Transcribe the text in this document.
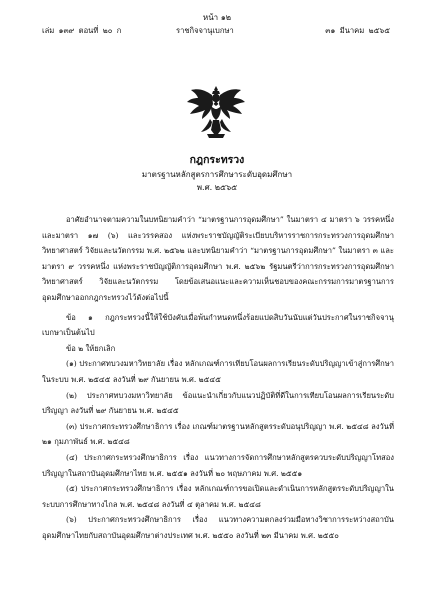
หน้า ๑๒
เล่ม ๑๓๙ ตอนที่ ๒๐ ก	ราชกิจจานุเบกษา	๓๑ มีนาคม ๒๕๖๕
กฎกระทรวง
มาตรฐานหลักสูตรการศึกษาระดับอุดมศึกษา
พ.ศ. ๒๕๖๕

อาศัยอำนาจตามความในบทนิยามคำว่า “มาตรฐานการอุดมศึกษา” ในมาตรา ๔ มาตรา ๖ วรรคหนึ่ง และมาตรา ๑๗ (๖) และวรรคสอง แห่งพระราชบัญญัติระเบียบบริหารราชการกระทรวงการอุดมศึกษา วิทยาศาสตร์ วิจัยและนวัตกรรม พ.ศ. ๒๕๖๒ และบทนิยามคำว่า “มาตรฐานการอุดมศึกษา” ในมาตรา ๓ และมาตรา ๙ วรรคหนึ่ง แห่งพระราชบัญญัติการอุดมศึกษา พ.ศ. ๒๕๖๒ รัฐมนตรีว่าการกระทรวงการอุดมศึกษา วิทยาศาสตร์ วิจัยและนวัตกรรม โดยข้อเสนอแนะและความเห็นชอบของคณะกรรมการมาตรฐานการอุดมศึกษาออกกฎกระทรวงไว้ดังต่อไปนี้

ข้อ ๑ กฎกระทรวงนี้ให้ใช้บังคับเมื่อพ้นกำหนดหนึ่งร้อยแปดสิบวันนับแต่วันประกาศในราชกิจจานุเบกษาเป็นต้นไป

ข้อ ๒ ให้ยกเลิก

(๑) ประกาศทบวงมหาวิทยาลัย เรื่อง หลักเกณฑ์การเทียบโอนผลการเรียนระดับปริญญาเข้าสู่การศึกษาในระบบ พ.ศ. ๒๕๔๕ ลงวันที่ ๒๙ กันยายน พ.ศ. ๒๕๔๕

(๒) ประกาศทบวงมหาวิทยาลัย ข้อแนะนำเกี่ยวกับแนวปฏิบัติที่ดีในการเทียบโอนผลการเรียนระดับปริญญา ลงวันที่ ๒๙ กันยายน พ.ศ. ๒๕๔๕

(๓) ประกาศกระทรวงศึกษาธิการ เรื่อง เกณฑ์มาตรฐานหลักสูตรระดับอนุปริญญา พ.ศ. ๒๕๔๘ ลงวันที่ ๒๑ กุมภาพันธ์ พ.ศ. ๒๕๔๘

(๔) ประกาศกระทรวงศึกษาธิการ เรื่อง แนวทางการจัดการศึกษาหลักสูตรควบระดับปริญญาโทสองปริญญาในสถาบันอุดมศึกษาไทย พ.ศ. ๒๕๕๑ ลงวันที่ ๒๐ พฤษภาคม พ.ศ. ๒๕๕๑

(๕) ประกาศกระทรวงศึกษาธิการ เรื่อง หลักเกณฑ์การขอเปิดและดำเนินการหลักสูตรระดับปริญญาในระบบการศึกษาทางไกล พ.ศ. ๒๕๔๘ ลงวันที่ ๔ ตุลาคม พ.ศ. ๒๕๔๘

(๖) ประกาศกระทรวงศึกษาธิการ เรื่อง แนวทางความตกลงร่วมมือทางวิชาการระหว่างสถาบันอุดมศึกษาไทยกับสถาบันอุดมศึกษาต่างประเทศ พ.ศ. ๒๕๕๐ ลงวันที่ ๒๓ มีนาคม พ.ศ. ๒๕๕๐
